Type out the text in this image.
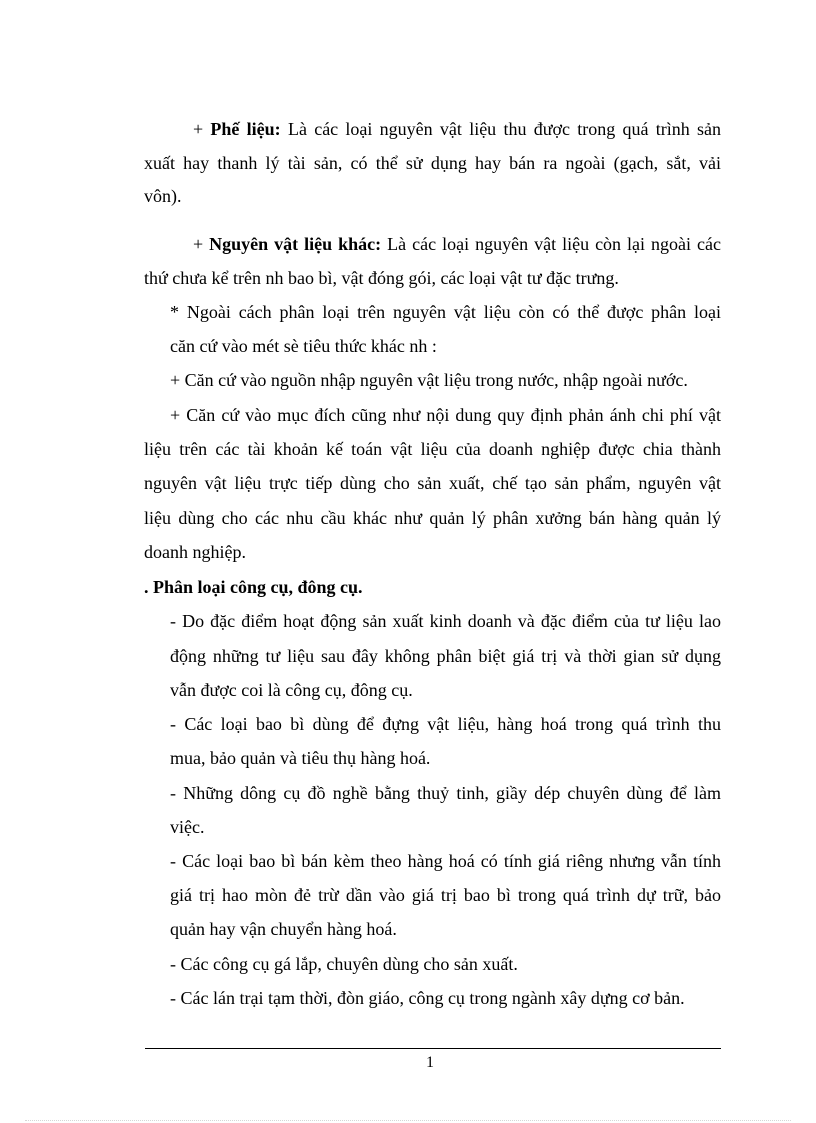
+ Phế liệu: Là các loại nguyên vật liệu thu được trong quá trình sản
xuất hay thanh lý tài sản, có thể sử dụng hay bán ra ngoài (gạch, sắt, vải
vôn).
+ Nguyên vật liệu khác: Là các loại nguyên vật liệu còn lại ngoài các
thứ chưa kể trên nh bao bì, vật đóng gói, các loại vật tư đặc trưng.
* Ngoài cách phân loại trên nguyên vật liệu còn có thể được phân loại
căn cứ vào mét sè tiêu thức khác nh :
+ Căn cứ vào nguồn nhập nguyên vật liệu trong nước, nhập ngoài nước.
+ Căn cứ vào mục đích cũng như nội dung quy định phản ánh chi phí vật
liệu trên các tài khoản kế toán vật liệu của doanh nghiệp được chia thành
nguyên vật liệu trực tiếp dùng cho sản xuất, chế tạo sản phẩm, nguyên vật
liệu dùng cho các nhu cầu khác như quản lý phân xưởng bán hàng quản lý
doanh nghiệp.
. Phân loại công cụ, đông cụ.
- Do đặc điểm hoạt động sản xuất kinh doanh và đặc điểm của tư liệu lao
động những tư liệu sau đây không phân biệt giá trị và thời gian sử dụng
vẫn được coi là công cụ, đông cụ.
- Các loại bao bì dùng để đựng vật liệu, hàng hoá trong quá trình thu
mua, bảo quản và tiêu thụ hàng hoá.
- Những dông cụ đồ nghề bằng thuỷ tinh, giầy dép chuyên dùng để làm
việc.
- Các loại bao bì bán kèm theo hàng hoá có tính giá riêng nhưng vẫn tính
giá trị hao mòn đẻ trừ dần vào giá trị bao bì trong quá trình dự trữ, bảo
quản hay vận chuyển hàng hoá.
- Các công cụ gá lắp, chuyên dùng cho sản xuất.
- Các lán trại tạm thời, đòn giáo, công cụ trong ngành xây dựng cơ bản.
1
